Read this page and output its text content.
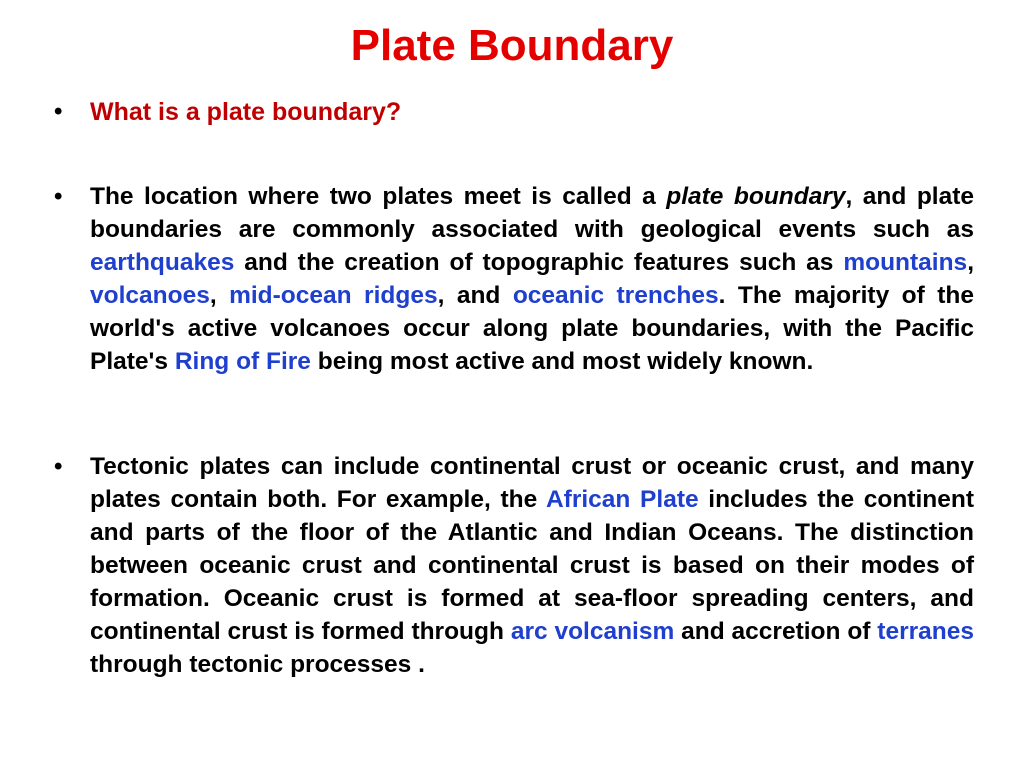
Plate Boundary
• What is a plate boundary?
• The location where two plates meet is called a plate boundary, and plate boundaries are commonly associated with geological events such as earthquakes and the creation of topographic features such as mountains, volcanoes, mid-ocean ridges, and oceanic trenches. The majority of the world's active volcanoes occur along plate boundaries, with the Pacific Plate's Ring of Fire being most active and most widely known.
• Tectonic plates can include continental crust or oceanic crust, and many plates contain both. For example, the African Plate includes the continent and parts of the floor of the Atlantic and Indian Oceans. The distinction between oceanic crust and continental crust is based on their modes of formation. Oceanic crust is formed at sea-floor spreading centers, and continental crust is formed through arc volcanism and accretion of terranes through tectonic processes .
